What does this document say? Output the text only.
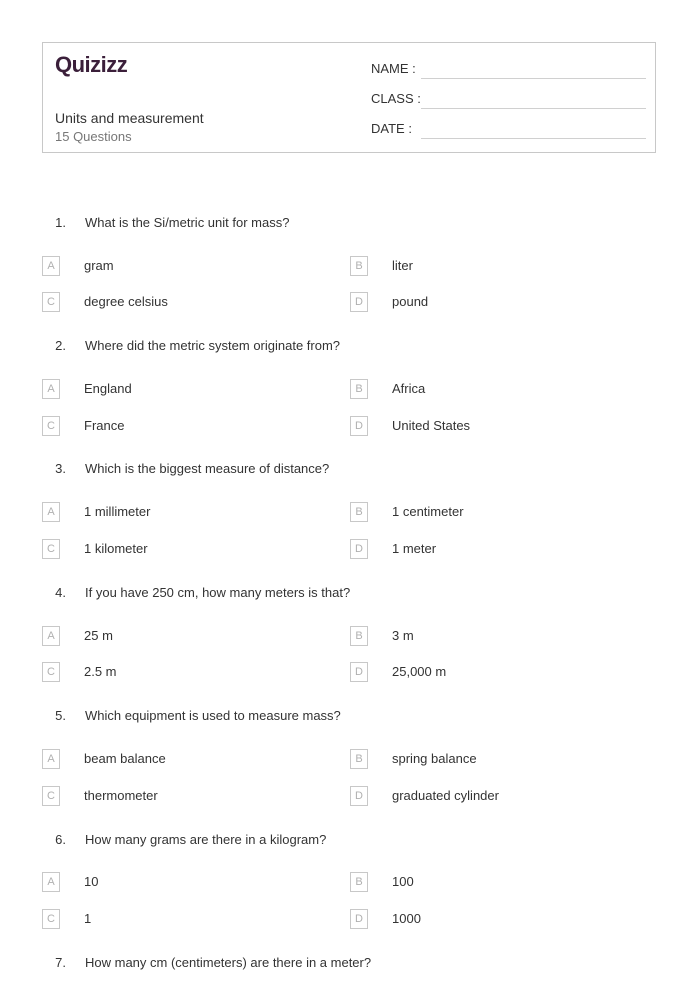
Quizizz
Units and measurement
15 Questions
NAME :
CLASS :
DATE :
1. What is the Si/metric unit for mass?
A	gram	B	liter
C	degree celsius	D	pound
2. Where did the metric system originate from?
A	England	B	Africa
C	France	D	United States
3. Which is the biggest measure of distance?
A	1 millimeter	B	1 centimeter
C	1 kilometer	D	1 meter
4. If you have 250 cm, how many meters is that?
A	25 m	B	3 m
C	2.5 m	D	25,000 m
5. Which equipment is used to measure mass?
A	beam balance	B	spring balance
C	thermometer	D	graduated cylinder
6. How many grams are there in a kilogram?
A	10	B	100
C	1	D	1000
7. How many cm (centimeters) are there in a meter?
